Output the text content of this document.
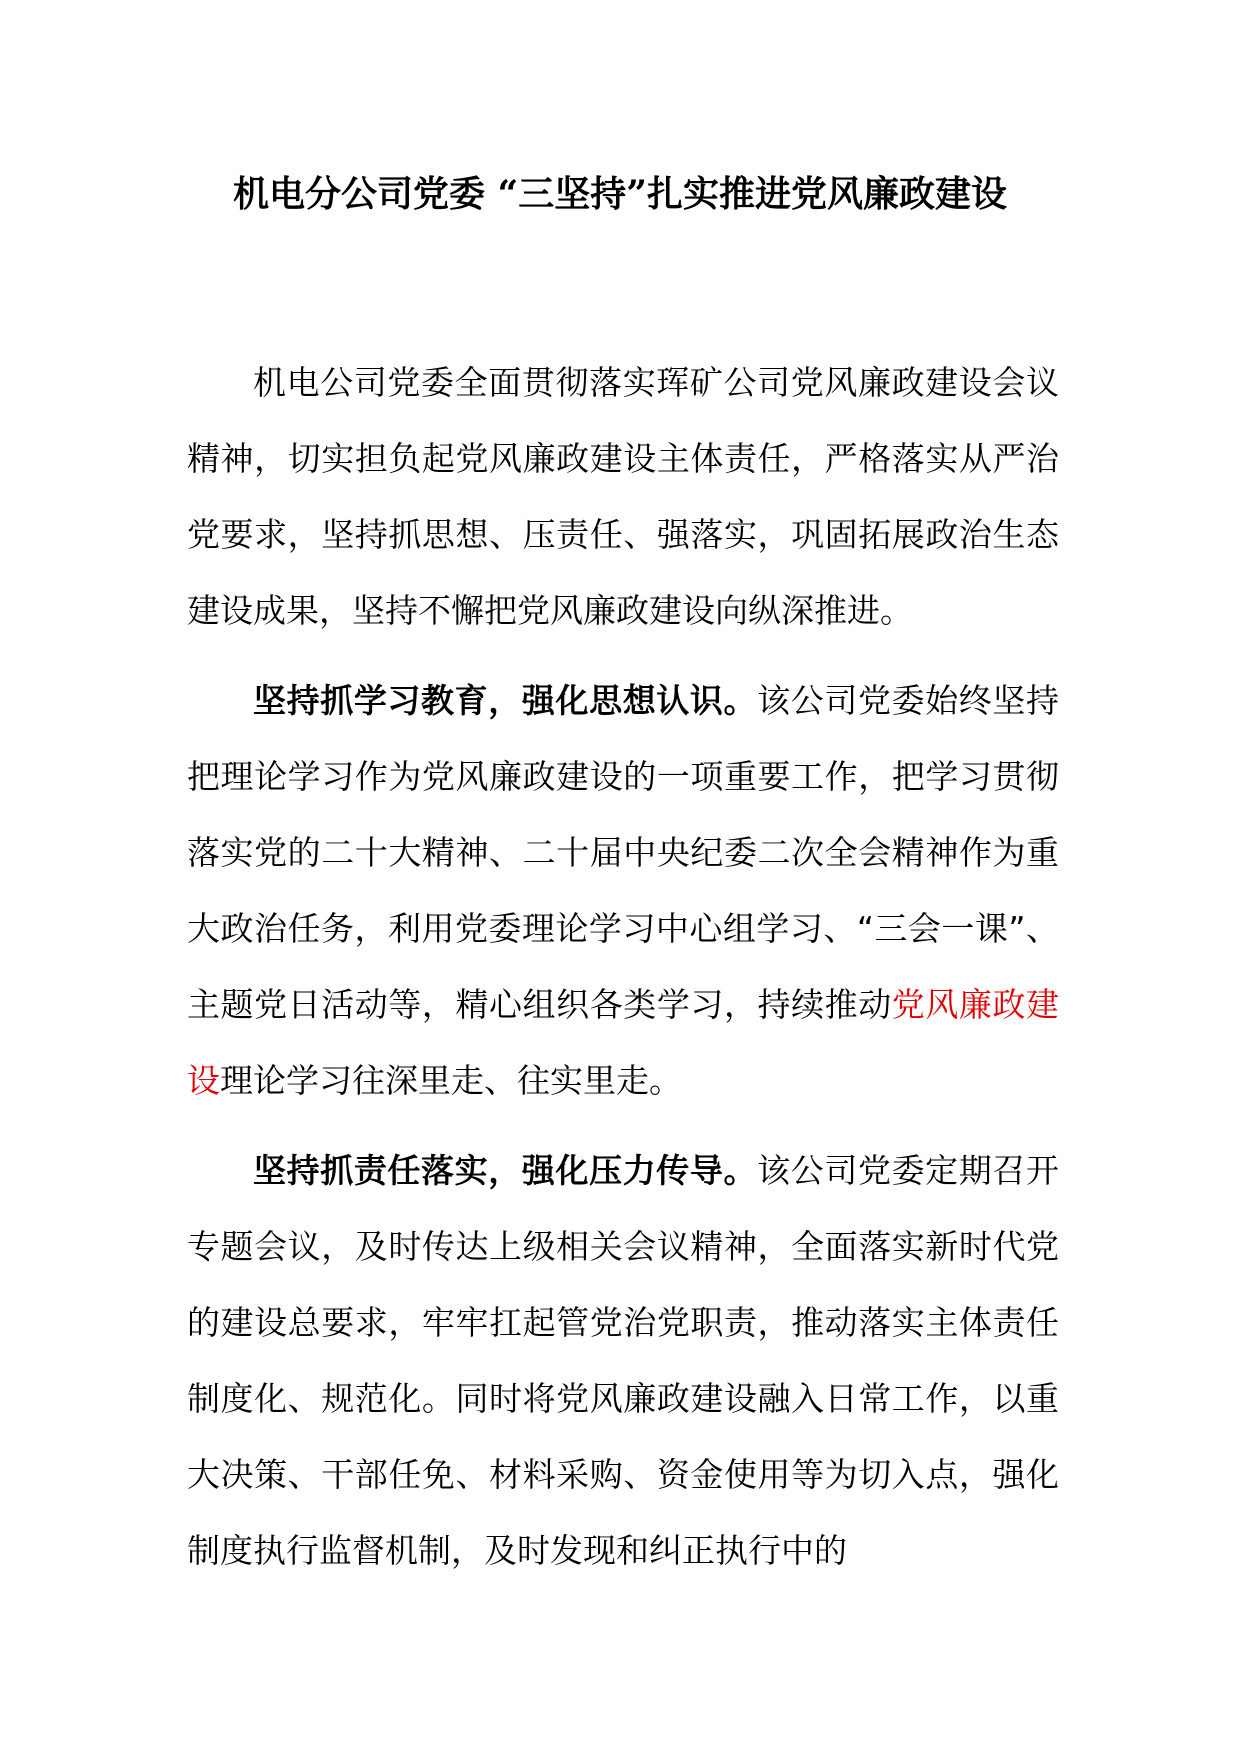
机电分公司党委 “三坚持”扎实推进党风廉政建设

机电公司党委全面贯彻落实珲矿公司党风廉政建设会议精神，切实担负起党风廉政建设主体责任，严格落实从严治党要求，坚持抓思想、压责任、强落实，巩固拓展政治生态建设成果，坚持不懈把党风廉政建设向纵深推进。

坚持抓学习教育，强化思想认识。该公司党委始终坚持把理论学习作为党风廉政建设的一项重要工作，把学习贯彻落实党的二十大精神、二十届中央纪委二次全会精神作为重大政治任务，利用党委理论学习中心组学习、“三会一课”、主题党日活动等，精心组织各类学习，持续推动党风廉政建设理论学习往深里走、往实里走。

坚持抓责任落实，强化压力传导。该公司党委定期召开专题会议，及时传达上级相关会议精神，全面落实新时代党的建设总要求，牢牢扛起管党治党职责，推动落实主体责任制度化、规范化。同时将党风廉政建设融入日常工作，以重大决策、干部任免、材料采购、资金使用等为切入点，强化制度执行监督机制，及时发现和纠正执行中的
